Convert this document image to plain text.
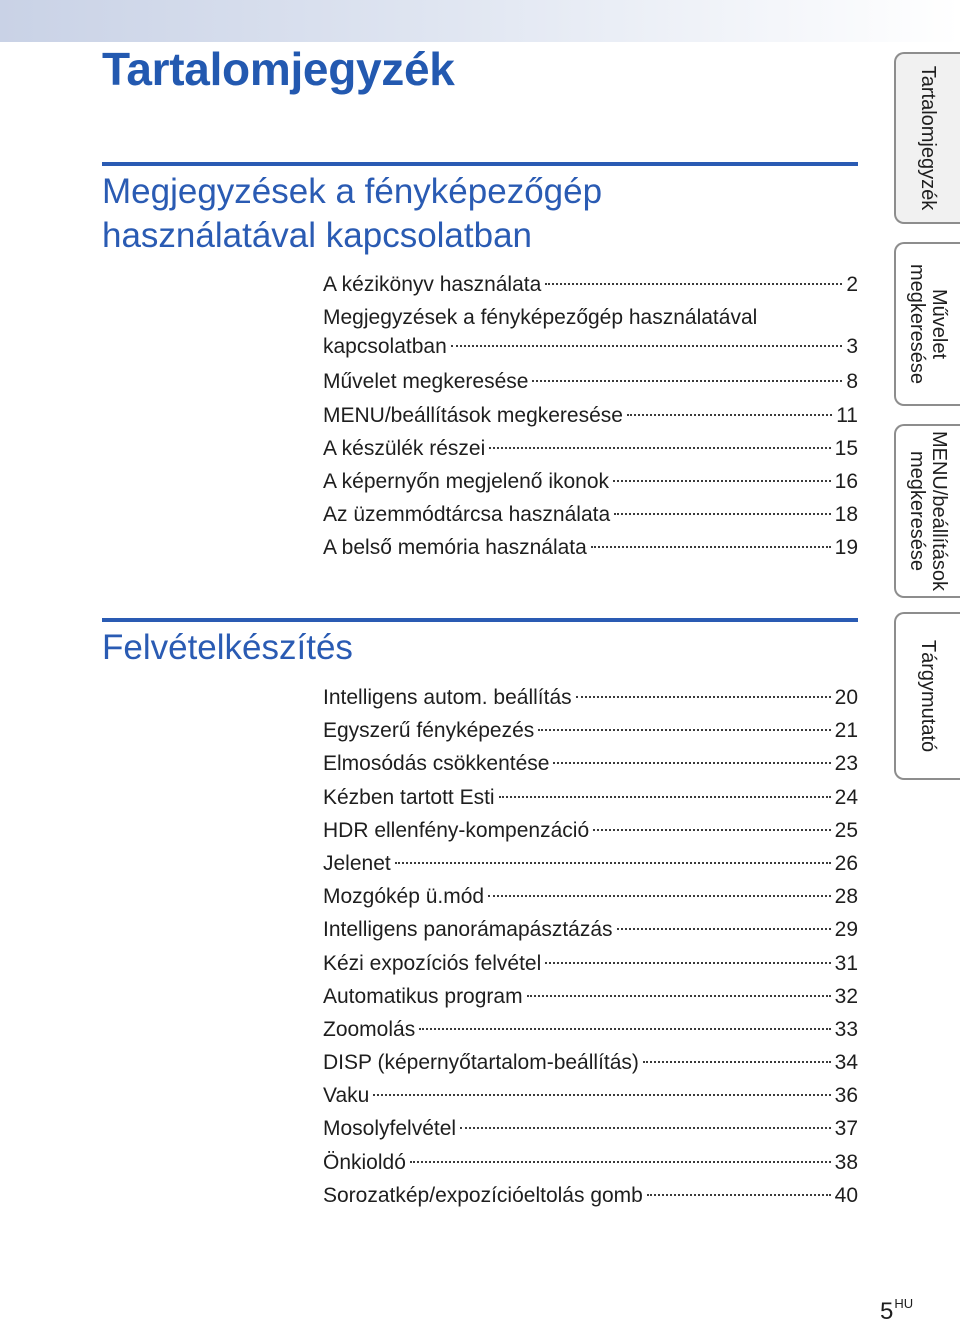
Tartalomjegyzék
Megjegyzések a fényképezőgép
használatával kapcsolatban
A kézikönyv használata	2
Megjegyzések a fényképezőgép használatával
kapcsolatban	3
Művelet megkeresése	8
MENU/beállítások megkeresése	11
A készülék részei	15
A képernyőn megjelenő ikonok	16
Az üzemmódtárcsa használata	18
A belső memória használata	19
Felvételkészítés
Intelligens autom. beállítás	20
Egyszerű fényképezés	21
Elmosódás csökkentése	23
Kézben tartott Esti	24
HDR ellenfény-kompenzáció	25
Jelenet	26
Mozgókép ü.mód	28
Intelligens panorámapásztázás	29
Kézi expozíciós felvétel	31
Automatikus program	32
Zoomolás	33
DISP (képernyőtartalom-beállítás)	34
Vaku	36
Mosolyfelvétel	37
Önkioldó	38
Sorozatkép/expozícióeltolás gomb	40
Tartalomjegyzék
Művelet
megkeresése
MENU/beállítások
megkeresése
Tárgymutató
$5^{HU}$
